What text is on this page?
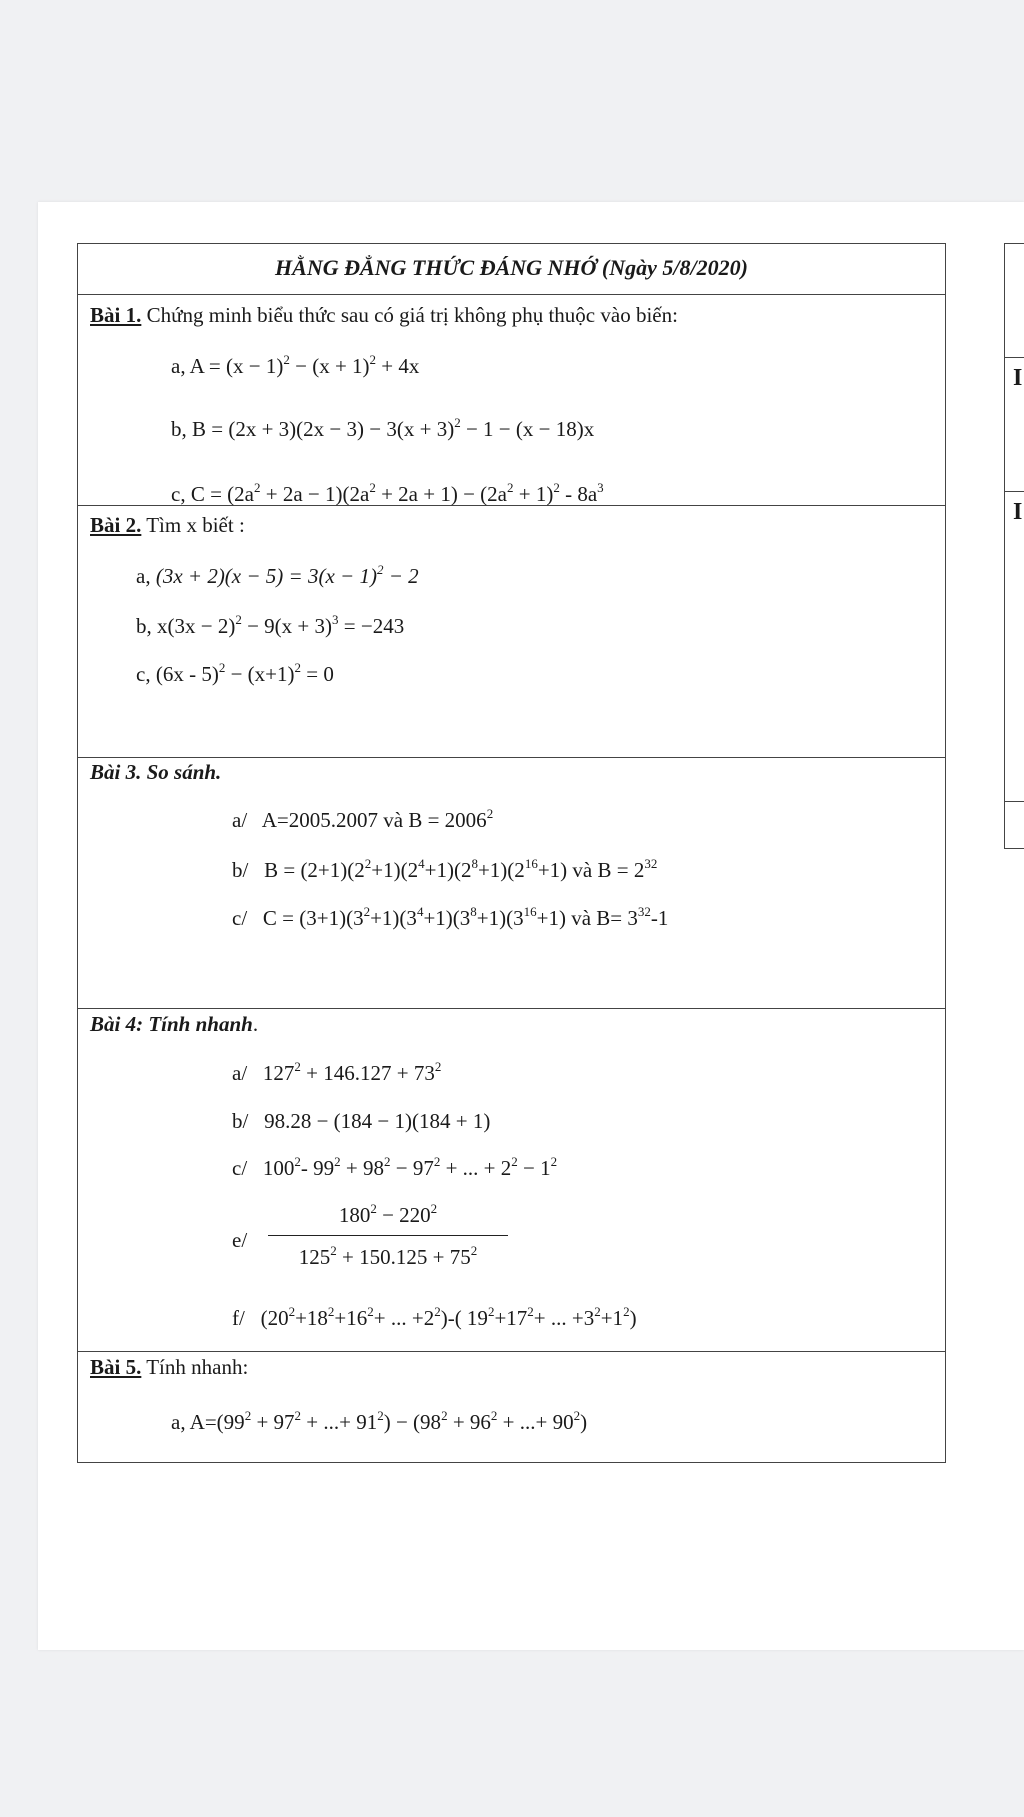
I
I
HẰNG ĐẲNG THỨC ĐÁNG NHỚ (Ngày 5/8/2020)
Bài 1. Chứng minh biểu thức sau có giá trị không phụ thuộc vào biến:
a, $A = (x - 1)^2 - (x + 1)^2 + 4x$
b, $B = (2x + 3)(2x - 3) - 3(x + 3)^2 - 1 - (x - 18)x$
c, $C = (2a^2 + 2a - 1)(2a^2 + 2a + 1) - (2a^2 + 1)^2 - 8a^3$
Bài 2. Tìm x biết :
a, $(3x + 2)(x - 5) = 3(x - 1)^2 - 2$
b, $x(3x - 2)^2 - 9(x + 3)^3 = -243$
c, $(6x - 5)^2 - (x+1)^2 = 0$
Bài 3. So sánh.
a/   A=2005.2007 và $B = 2006^2$
b/   $B = (2+1)(2^2+1)(2^4+1)(2^8+1)(2^{16}+1)$ và $B = 2^{32}$
c/   $C = (3+1)(3^2+1)(3^4+1)(3^8+1)(3^{16}+1)$ và $B= 3^{32}-1$
Bài 4: Tính nhanh.
a/   $127^2 + 146.127 + 73^2$
b/   98.28 − (184 − 1)(184 + 1)
c/   $100^2-$ $99^2 + 98^2 - 97^2$ + ... + $2^2 - 1^2$
e/
$180^2 - 220^2$
$125^2 + 150.125 + 75^2$
f/   ($20^2+18^2+16^2+$ ... $+2^2)-$( $19^2+17^2+$ ... $+3^2+1^2$)
Bài 5. Tính nhanh:
a, $A=(99^2 + 97^2$ + ...+ $91^2) - (98^2 + 96^2$ + ...+ $90^2$)
